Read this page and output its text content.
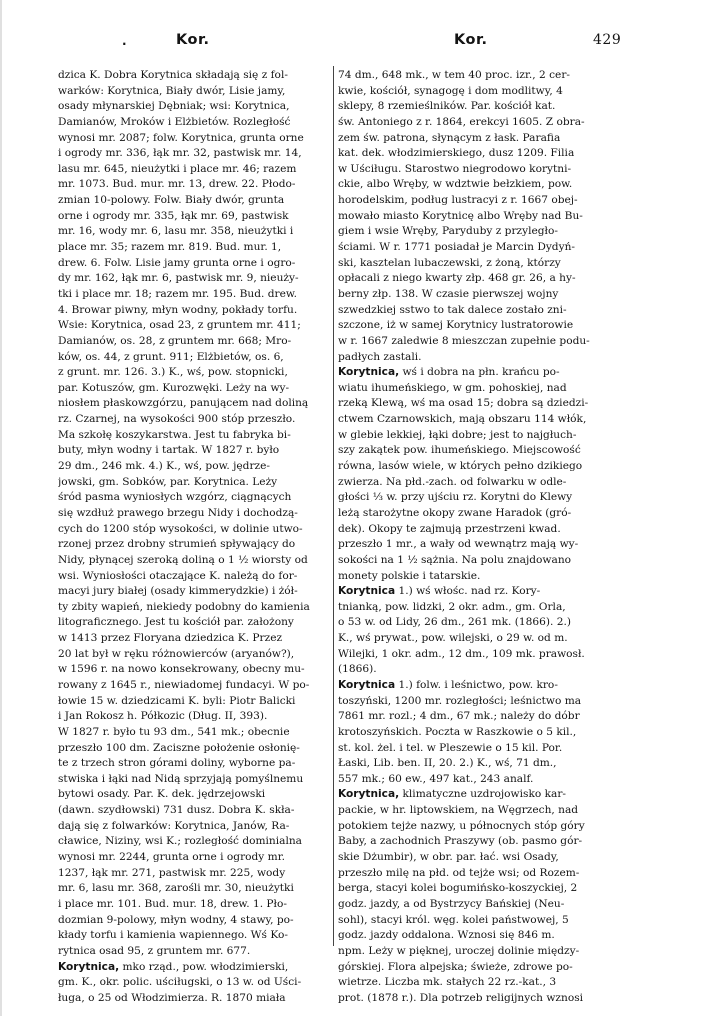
.	Kor.	Kor.	429
dzica K. Dobra Korytnica składają się z fol-
warków: Korytnica, Biały dwór, Lisie jamy,
osady młynarskiej Dębniak; wsi: Korytnica,
Damianów, Mroków i Elżbietów. Rozległość
wynosi mr. 2087; folw. Korytnica, grunta orne
i ogrody mr. 336, łąk mr. 32, pastwisk mr. 14,
lasu mr. 645, nieużytki i place mr. 46; razem
mr. 1073. Bud. mur. mr. 13, drew. 22. Płodo-
zmian 10-polowy. Folw. Biały dwór, grunta
orne i ogrody mr. 335, łąk mr. 69, pastwisk
mr. 16, wody mr. 6, lasu mr. 358, nieużytki i
place mr. 35; razem mr. 819. Bud. mur. 1,
drew. 6. Folw. Lisie jamy grunta orne i ogro-
dy mr. 162, łąk mr. 6, pastwisk mr. 9, nieuży-
tki i place mr. 18; razem mr. 195. Bud. drew.
4. Browar piwny, młyn wodny, pokłady torfu.
Wsie: Korytnica, osad 23, z gruntem mr. 411;
Damianów, os. 28, z gruntem mr. 668; Mro-
ków, os. 44, z grunt. 911; Elżbietów, os. 6,
z grunt. mr. 126. 3.) K., wś, pow. stopnicki,
par. Kotuszów, gm. Kurozwęki. Leży na wy-
niosłem płaskowzgórzu, panującem nad doliną
rz. Czarnej, na wysokości 900 stóp przeszło.
Ma szkołę koszykarstwa. Jest tu fabryka bi-
buty, młyn wodny i tartak. W 1827 r. było
29 dm., 246 mk. 4.) K., wś, pow. jędrze-
jowski, gm. Sobków, par. Korytnica. Leży
śród pasma wyniosłych wzgórz, ciągnących
się wzdłuż prawego brzegu Nidy i dochodzą-
cych do 1200 stóp wysokości, w dolinie utwo-
rzonej przez drobny strumień spływający do
Nidy, płynącej szeroką doliną o 1 ½ wiorsty od
wsi. Wyniosłości otaczające K. należą do for-
macyi jury białej (osady kimmerydzkie) i żół-
ty zbity wapień, niekiedy podobny do kamienia
litograficznego. Jest tu kościół par. założony
w 1413 przez Floryana dziedzica K. Przez
20 lat był w ręku różnowierców (aryanów?),
w 1596 r. na nowo konsekrowany, obecny mu-
rowany z 1645 r., niewiadomej fundacyi. W po-
łowie 15 w. dziedzicami K. byli: Piotr Balicki
i Jan Rokosz h. Półkozic (Dług. II, 393).
W 1827 r. było tu 93 dm., 541 mk.; obecnie
przeszło 100 dm. Zaciszne położenie osłonię-
te z trzech stron górami doliny, wyborne pa-
stwiska i łąki nad Nidą sprzyjają pomyślnemu
bytowi osady. Par. K. dek. jędrzejowski
(dawn. szydłowski) 731 dusz. Dobra K. skła-
dają się z folwarków: Korytnica, Janów, Ra-
cławice, Niziny, wsi K.; rozległość dominialna
wynosi mr. 2244, grunta orne i ogrody mr.
1237, łąk mr. 271, pastwisk mr. 225, wody
mr. 6, lasu mr. 368, zarośli mr. 30, nieużytki
i place mr. 101. Bud. mur. 18, drew. 1. Pło-
dozmian 9-polowy, młyn wodny, 4 stawy, po-
kłady torfu i kamienia wapiennego. Wś Ko-
rytnica osad 95, z gruntem mr. 677.
Korytnica, mko rząd., pow. włodzimierski,
gm. K., okr. polic. uściługski, o 13 w. od Uści-
ługa, o 25 od Włodzimierza. R. 1870 miała
74 dm., 648 mk., w tem 40 proc. izr., 2 cer-
kwie, kościół, synagogę i dom modlitwy, 4
sklepy, 8 rzemieślników. Par. kościół kat.
św. Antoniego z r. 1864, erekcyi 1605. Z obra-
zem św. patrona, słynącym z łask. Parafia
kat. dek. włodzimierskiego, dusz 1209. Filia
w Uściługu. Starostwo niegrodowo korytni-
ckie, albo Wręby, w wdztwie bełzkiem, pow.
horodelskim, podług lustracyi z r. 1667 obej-
mowało miasto Korytnicę albo Wręby nad Bu-
giem i wsie Wręby, Paryduby z przyległo-
ściami. W r. 1771 posiadał je Marcin Dydyń-
ski, kasztelan lubaczewski, z żoną, którzy
opłacali z niego kwarty złp. 468 gr. 26, a hy-
berny złp. 138. W czasie pierwszej wojny
szwedzkiej sstwo to tak dalece zostało zni-
szczone, iż w samej Korytnicy lustratorowie
w r. 1667 zaledwie 8 mieszczan zupełnie podu-
padłych zastali.
Korytnica, wś i dobra na płn. krańcu po-
wiatu ihumeńskiego, w gm. pohoskiej, nad
rzeką Klewą, wś ma osad 15; dobra są dziedzi-
ctwem Czarnowskich, mają obszaru 114 włók,
w glebie lekkiej, łąki dobre; jest to najgłuch-
szy zakątek pow. ihumeńskiego. Miejscowość
równa, lasów wiele, w których pełno dzikiego
zwierza. Na płd.-zach. od folwarku w odle-
głości ⅓ w. przy ujściu rz. Korytni do Klewy
leżą starożytne okopy zwane Haradok (gró-
dek). Okopy te zajmują przestrzeni kwad.
przeszło 1 mr., a wały od wewnątrz mają wy-
sokości na 1 ½ sążnia. Na polu znajdowano
monety polskie i tatarskie.
Korytnica 1.) wś włośc. nad rz. Kory-
tnianką, pow. lidzki, 2 okr. adm., gm. Orla,
o 53 w. od Lidy, 26 dm., 261 mk. (1866). 2.)
K., wś prywat., pow. wilejski, o 29 w. od m.
Wilejki, 1 okr. adm., 12 dm., 109 mk. prawosł.
(1866).
Korytnica 1.) folw. i leśnictwo, pow. kro-
toszyński, 1200 mr. rozległości; leśnictwo ma
7861 mr. rozl.; 4 dm., 67 mk.; należy do dóbr
krotoszyńskich. Poczta w Raszkowie o 5 kil.,
st. kol. żel. i tel. w Pleszewie o 15 kil. Por.
Łaski, Lib. ben. II, 20. 2.) K., wś, 71 dm.,
557 mk.; 60 ew., 497 kat., 243 analf.
Korytnica, klimatyczne uzdrojowisko kar-
packie, w hr. liptowskiem, na Węgrzech, nad
potokiem tejże nazwy, u północnych stóp góry
Baby, a zachodnich Praszywy (ob. pasmo gór-
skie Dżumbir), w obr. par. łać. wsi Osady,
przeszło milę na płd. od tejże wsi; od Rozem-
berga, stacyi kolei bogumińsko-koszyckiej, 2
godz. jazdy, a od Bystrzycy Bańskiej (Neu-
sohl), stacyi król. węg. kolei państwowej, 5
godz. jazdy oddalona. Wznosi się 846 m.
npm. Leży w pięknej, uroczej dolinie między-
górskiej. Flora alpejska; świeże, zdrowe po-
wietrze. Liczba mk. stałych 22 rz.-kat., 3
prot. (1878 r.). Dla potrzeb religijnych wznosi
